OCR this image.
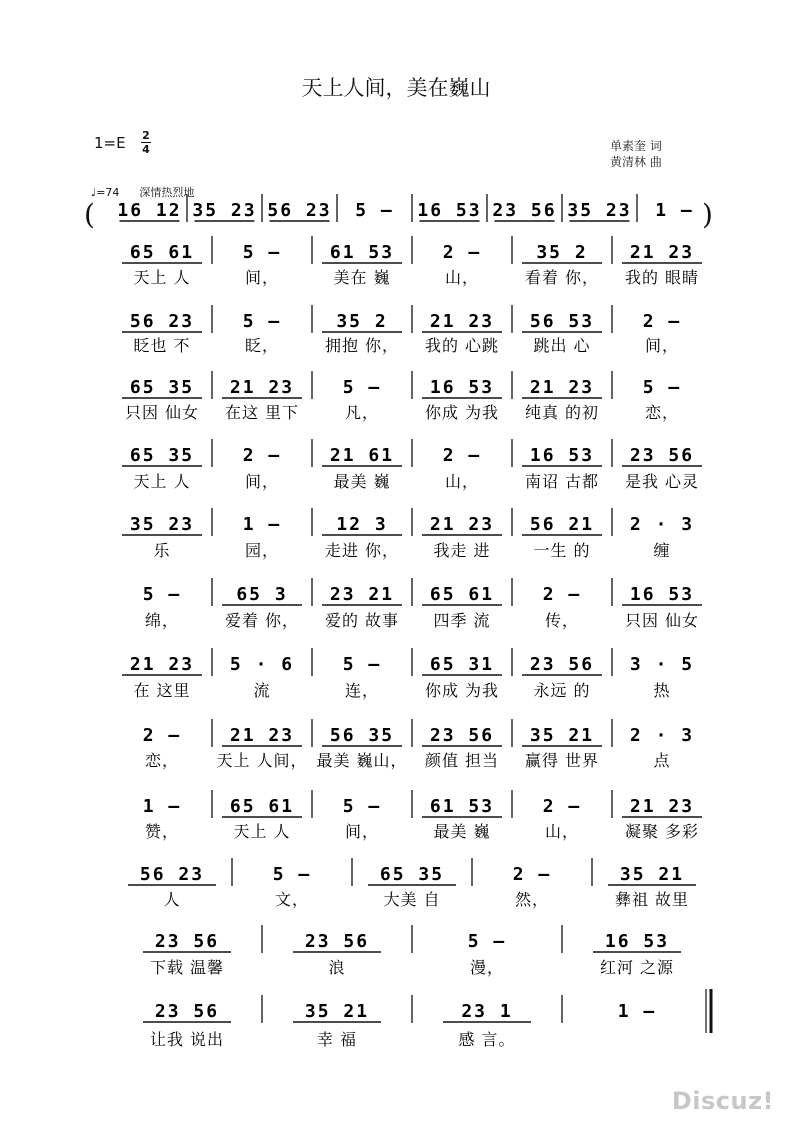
天上人间，美在巍山
1=E 2
4	单素奎 词
黄清林 曲
♩=74 深情热烈地
(	)
16 12 35 23 56 23 5 – 16 53 23 56 35 23 1 –
65 61
天上 人
5 –
间，
61 53
美在 巍
2 –
山，
35 2
看着 你，
21 23
我的 眼睛
56 23
眨也 不
5 –
眨，
35 2
拥抱 你，
21 23
我的 心跳
56 53
跳出 心
2 –
间，
65 35
只因 仙女
21 23
在这 里下
5 –
凡，
16 53
你成 为我
21 23
纯真 的初
5 –
恋，
65 35
天上 人
2 –
间，
21 61
最美 巍
2 –
山，
16 53
南诏 古都
23 56
是我 心灵
35 23
乐
1 –
园，
12 3
走进 你，
21 23
我走 进
56 21
一生 的
2 · 3
缠
5 –
绵，
65 3
爱着 你，
23 21
爱的 故事
65 61
四季 流
2 –
传，
16 53
只因 仙女
21 23
在 这里
5 · 6
流
5 –
连，
65 31
你成 为我
23 56
永远 的
3 · 5
热
2 –
恋，
21 23
天上 人间，
56 35
最美 巍山，
23 56
颜值 担当
35 21
赢得 世界
2 · 3
点
1 –
赞，
65 61
天上 人
5 –
间，
61 53
最美 巍
2 –
山，
21 23
凝聚 多彩
56 23
人
5 –
文，
65 35
大美 自
2 –
然，
35 21
彝祖 故里
23 56
下载 温馨
23 56
浪
5 –
漫，
16 53
红河 之源
23 56
让我 说出
35 21
幸 福
23 1
感 言。
1 –
Discuz!
